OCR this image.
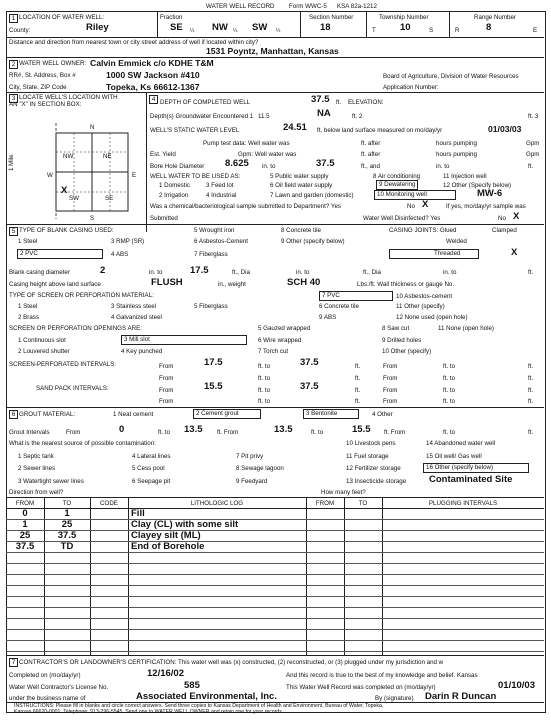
WATER WELL RECORD Form WWC-5 KSA 82a-1212
1 LOCATION OF WATER WELL:
County:	Riley
Fraction
SE ¼ NW ¼ SW ¼
Section Number
18
Township Number
T	10	S
Range Number
R	8	E
Distance and direction from nearest town or city street address of well if located within city?
1531 Poyntz, Manhattan, Kansas
2 WATER WELL OWNER: Calvin Emmick c/o KDHE T&M
RR#, St. Address, Box #	1000 SW Jackson #410	Board of Agriculture, Division of Water Resources
City, State, ZIP Code	Topeka, Ks 66612-1367	Application Number:
3 LOCATE WELL'S LOCATION WITH
AN "X" IN SECTION BOX:
N
S
W	E
NW	NE
SW	SE
X
1 Mile
4 DEPTH OF COMPLETED WELL	37.5 ft. ELEVATION:
Depth(s) Groundwater Encountered 1 11.5	NA	ft. 2	ft. 3
WELL'S STATIC WATER LEVEL	24.51 ft. below land surface measured on mo/day/yr	01/03/03
Pump test data: Well water was	ft. after	hours pumping	Gpm
Est. Yield	Gpm: Well water was	ft. after	hours pumping	Gpm
Bore Hole Diameter 8.625 in. to	37.5	ft., and	in. to	ft.
WELL WATER TO BE USED AS:	5 Public water supply	8 Air conditioning	11 Injection well
1 Domestic	3 Feed lot	6 Oil field water supply	9 Dewatering	12 Other (Specify below)
2 Irrigation	4 Industrial	7 Lawn and garden (domestic)	10 Monitoring well	MW-6
Was a chemical/bacteriological sample submitted to Department? Yes	No X	If yes, mo/day/yr sample was
Submitted	Water Well Disinfected? Yes	No X
5 TYPE OF BLANK CASING USED:	5 Wrought iron	8 Concrete tile	CASING JOINTS: Glued	Clamped
1 Steel	3 RMP (SR)	6 Asbestos-Cement	9 Other (specify below)	Welded
2 PVC	4 ABS	7 Fiberglass	Threaded	X
Blank casing diameter	2	in. to	17.5	ft., Dia	in. to	ft., Dia	in. to	ft.
Casing height above land surface	FLUSH	in., weight	SCH 40	Lbs./ft. Wall thickness or gauge No.
TYPE OF SCREEN OR PERFORATION MATERIAL:	7 PVC	10 Asbestos-cement
1 Steel	3 Stainless steel	5 Fiberglass	6 Concrete tile	11 Other (specify)
2 Brass	4 Galvanized steel	9 ABS	12 None used (open hole)
SCREEN OR PERFORATION OPENINGS ARE:	5 Gauzed wrapped	8 Saw cut	11 None (open hole)
1 Continuous slot	3 Mill slot	6 Wire wrapped	9 Drilled holes
2 Louvered shutter	4 Key punched	7 Torch cut	10 Other (specify)
SCREEN-PERFORATED INTERVALS:	From	17.5	ft. to	37.5	ft.	From	ft. to	ft.
From	ft. to	ft.	From	ft. to	ft.
SAND PACK INTERVALS:	From	15.5	ft. to	37.5	ft.	From	ft. to	ft.
From	ft. to	ft.	From	ft. to	ft.
6 GROUT MATERIAL:	1 Neat cement	2 Cement grout	3 Bentonite	4 Other
Grout Intervals	From	0	ft. to 13.5 ft. From	13.5	ft. to	15.5 ft. From	ft. to	ft.
What is the nearest source of possible contamination:	10 Livestock pens	14 Abandoned water well
1 Septic tank	4 Lateral lines	7 Pit privy	11 Fuel storage	15 Oil well/ Gas well
2 Sewer lines	5 Cess pool	8 Sewage lagoon	12 Fertilizer storage	16 Other (specify below)
3 Watertight sewer lines	6 Seepage pit	9 Feedyard	13 Insecticide storage Contaminated Site
Direction from well?	How many feet?
FROM	TO	CODE	LITHOLOGIC LOG	FROM	TO	PLUGGING INTERVALS
0	1	Fill
1	25	Clay (CL) with some silt
25	37.5	Clayey silt (ML)
37.5	TD	End of Borehole
7 CONTRACTOR'S OR LANDOWNER'S CERTIFICATION: This water well was (x) constructed, (2) reconstructed, or (3) plugged under my jurisdiction and w
Completed on (mo/day/yr)	12/16/02	And this record is true to the best of my knowledge and belief. Kansas
Water Well Contractor's License No.	585	This Water Well Record was completed on (mo/day/yr)	01/10/03
under the business name of	Associated Environmental, Inc.	By (signature) Darin R Duncan
INSTRUCTIONS: Please fill in blanks and circle correct answers. Send three copies to Kansas Department of Health and Environment, Bureau of Water, Topeka,
Kansas 66620-0001. Telephone: 913-296-5545. Send one to WATER WELL OWNER and retain one for your records.
